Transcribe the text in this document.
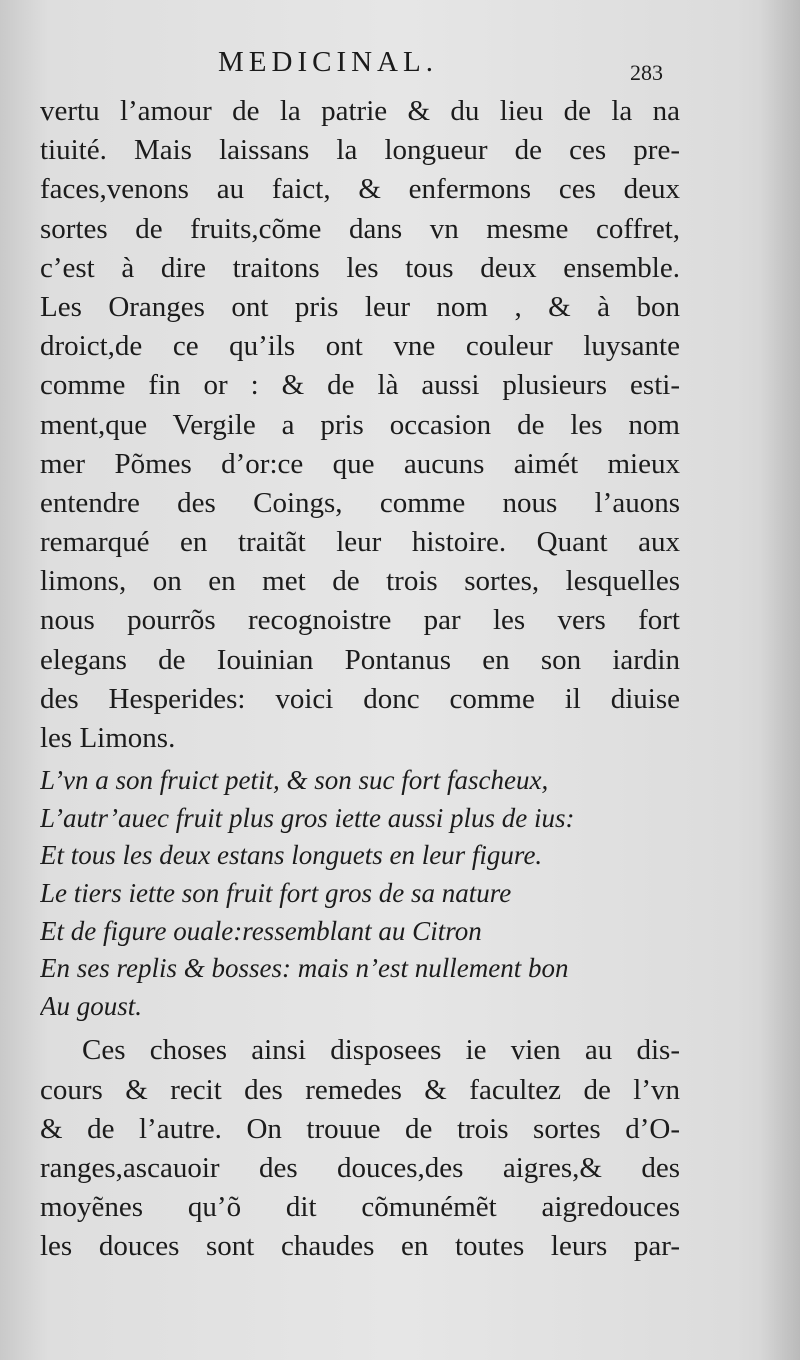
MEDICINAL.	283
vertu l’amour de la patrie & du lieu de la na
tiuité. Mais laissans la longueur de ces pre-
faces,venons au faict, & enfermons ces deux
sortes de fruits,cõme dans vn mesme coffret,
c’est à dire traitons les tous deux ensemble.
Les Oranges ont pris leur nom , & à bon
droict,de ce qu’ils ont vne couleur luysante
comme fin or : & de là aussi plusieurs esti-
ment,que Vergile a pris occasion de les nom
mer Põmes d’or:ce que aucuns aimét mieux
entendre des Coings, comme nous l’auons
remarqué en traitãt leur histoire. Quant aux
limons, on en met de trois sortes, lesquelles
nous pourrõs recognoistre par les vers fort
elegans de Iouinian Pontanus en son iardin
des Hesperides: voici donc comme il diuise
les Limons.
L’vn a son fruict petit, & son suc fort fascheux,
L’autr’auec fruit plus gros iette aussi plus de ius:
Et tous les deux estans longuets en leur figure.
Le tiers iette son fruit fort gros de sa nature
Et de figure ouale:ressemblant au Citron
En ses replis & bosses: mais n’est nullement bon
Au goust.
Ces choses ainsi disposees ie vien au dis-
cours & recit des remedes & facultez de l’vn
& de l’autre. On trouue de trois sortes d’O-
ranges,ascauoir des douces,des aigres,& des
moyẽnes qu’õ dit cõmunémẽt aigredouces
les douces sont chaudes en toutes leurs par-
